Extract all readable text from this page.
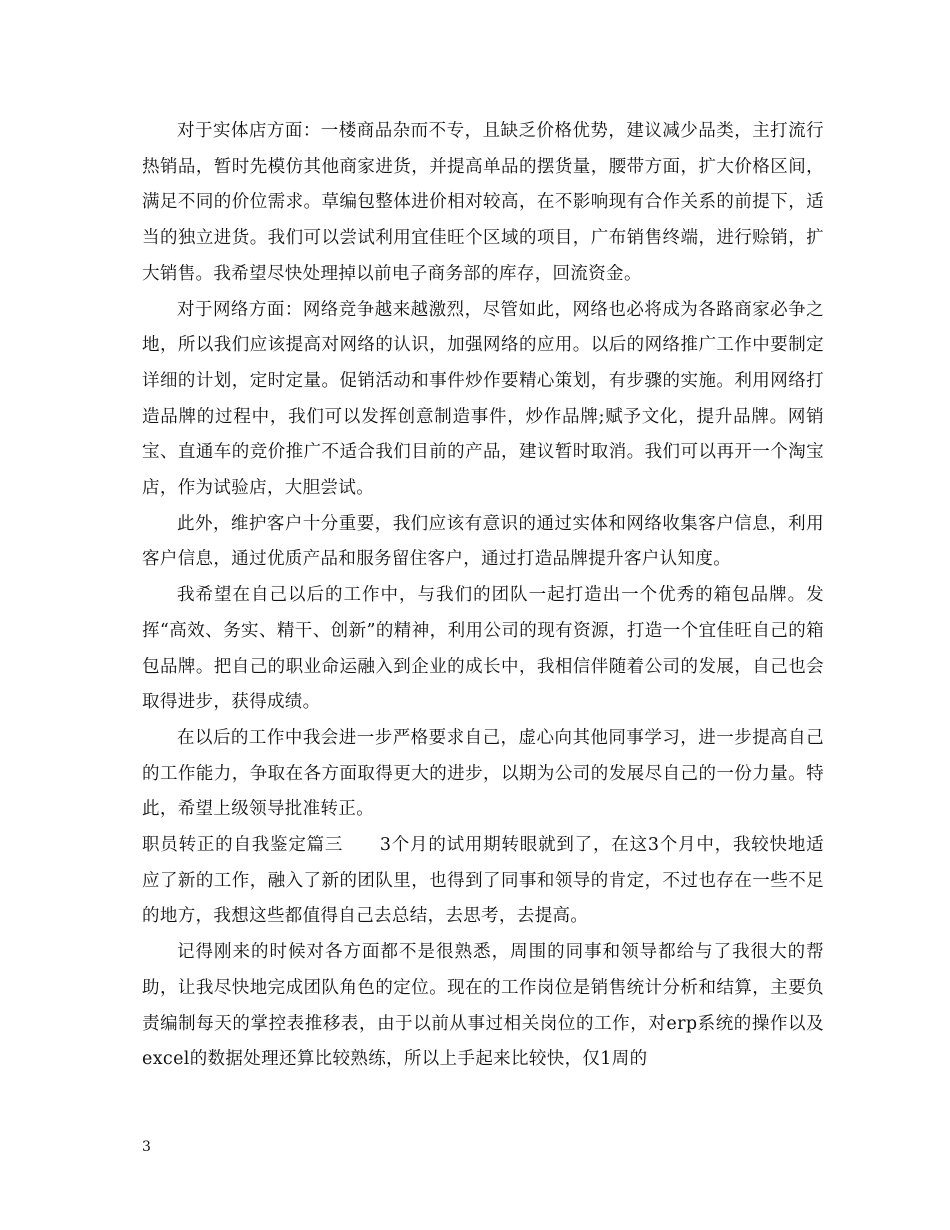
对于实体店方面：一楼商品杂而不专，且缺乏价格优势，建议减少品类，主打流行热销品，暂时先模仿其他商家进货，并提高单品的摆货量，腰带方面，扩大价格区间，满足不同的价位需求。草编包整体进价相对较高，在不影响现有合作关系的前提下，适当的独立进货。我们可以尝试利用宜佳旺个区域的项目，广布销售终端，进行赊销，扩大销售。我希望尽快处理掉以前电子商务部的库存，回流资金。

对于网络方面：网络竞争越来越激烈，尽管如此，网络也必将成为各路商家必争之地，所以我们应该提高对网络的认识，加强网络的应用。以后的网络推广工作中要制定详细的计划，定时定量。促销活动和事件炒作要精心策划，有步骤的实施。利用网络打造品牌的过程中，我们可以发挥创意制造事件，炒作品牌;赋予文化，提升品牌。网销宝、直通车的竞价推广不适合我们目前的产品，建议暂时取消。我们可以再开一个淘宝店，作为试验店，大胆尝试。

此外，维护客户十分重要，我们应该有意识的通过实体和网络收集客户信息，利用客户信息，通过优质产品和服务留住客户，通过打造品牌提升客户认知度。

我希望在自己以后的工作中，与我们的团队一起打造出一个优秀的箱包品牌。发挥“高效、务实、精干、创新”的精神，利用公司的现有资源，打造一个宜佳旺自己的箱包品牌。把自己的职业命运融入到企业的成长中，我相信伴随着公司的发展，自己也会取得进步，获得成绩。

在以后的工作中我会进一步严格要求自己，虚心向其他同事学习，进一步提高自己的工作能力，争取在各方面取得更大的进步，以期为公司的发展尽自己的一份力量。特此，希望上级领导批准转正。

职员转正的自我鉴定篇三　　3个月的试用期转眼就到了，在这3个月中，我较快地适应了新的工作，融入了新的团队里，也得到了同事和领导的肯定，不过也存在一些不足的地方，我想这些都值得自己去总结，去思考，去提高。

记得刚来的时候对各方面都不是很熟悉，周围的同事和领导都给与了我很大的帮助，让我尽快地完成团队角色的定位。现在的工作岗位是销售统计分析和结算，主要负责编制每天的掌控表推移表，由于以前从事过相关岗位的工作，对erp系统的操作以及excel的数据处理还算比较熟练，所以上手起来比较快，仅1周的

3
